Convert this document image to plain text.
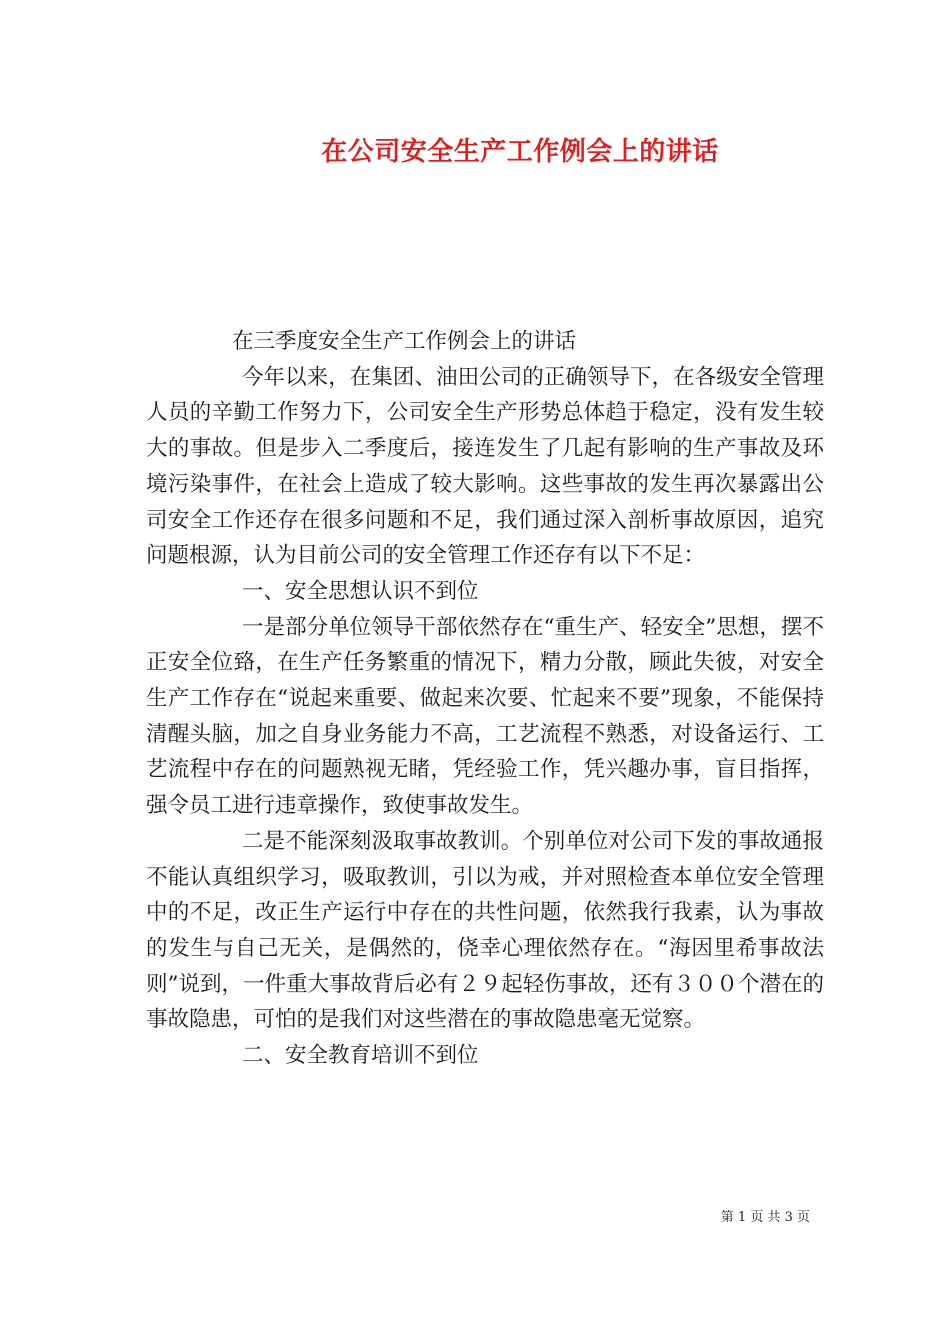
在公司安全生产工作例会上的讲话

在三季度安全生产工作例会上的讲话

今年以来，在集团、油田公司的正确领导下，在各级安全管理人员的辛勤工作努力下，公司安全生产形势总体趋于稳定，没有发生较大的事故。但是步入二季度后，接连发生了几起有影响的生产事故及环境污染事件，在社会上造成了较大影响。这些事故的发生再次暴露出公司安全工作还存在很多问题和不足，我们通过深入剖析事故原因，追究问题根源，认为目前公司的安全管理工作还存有以下不足：

一、安全思想认识不到位

一是部分单位领导干部依然存在“重生产、轻安全”思想，摆不正安全位臵，在生产任务繁重的情况下，精力分散，顾此失彼，对安全生产工作存在“说起来重要、做起来次要、忙起来不要”现象，不能保持清醒头脑，加之自身业务能力不高，工艺流程不熟悉，对设备运行、工艺流程中存在的问题熟视无睹，凭经验工作，凭兴趣办事，盲目指挥，强令员工进行违章操作，致使事故发生。

二是不能深刻汲取事故教训。个别单位对公司下发的事故通报不能认真组织学习，吸取教训，引以为戒，并对照检查本单位安全管理中的不足，改正生产运行中存在的共性问题，依然我行我素，认为事故的发生与自己无关，是偶然的，侥幸心理依然存在。“海因里希事故法则”说到，一件重大事故背后必有２９起轻伤事故，还有３００个潜在的事故隐患，可怕的是我们对这些潜在的事故隐患毫无觉察。

二、安全教育培训不到位

第 1 页 共 3 页
